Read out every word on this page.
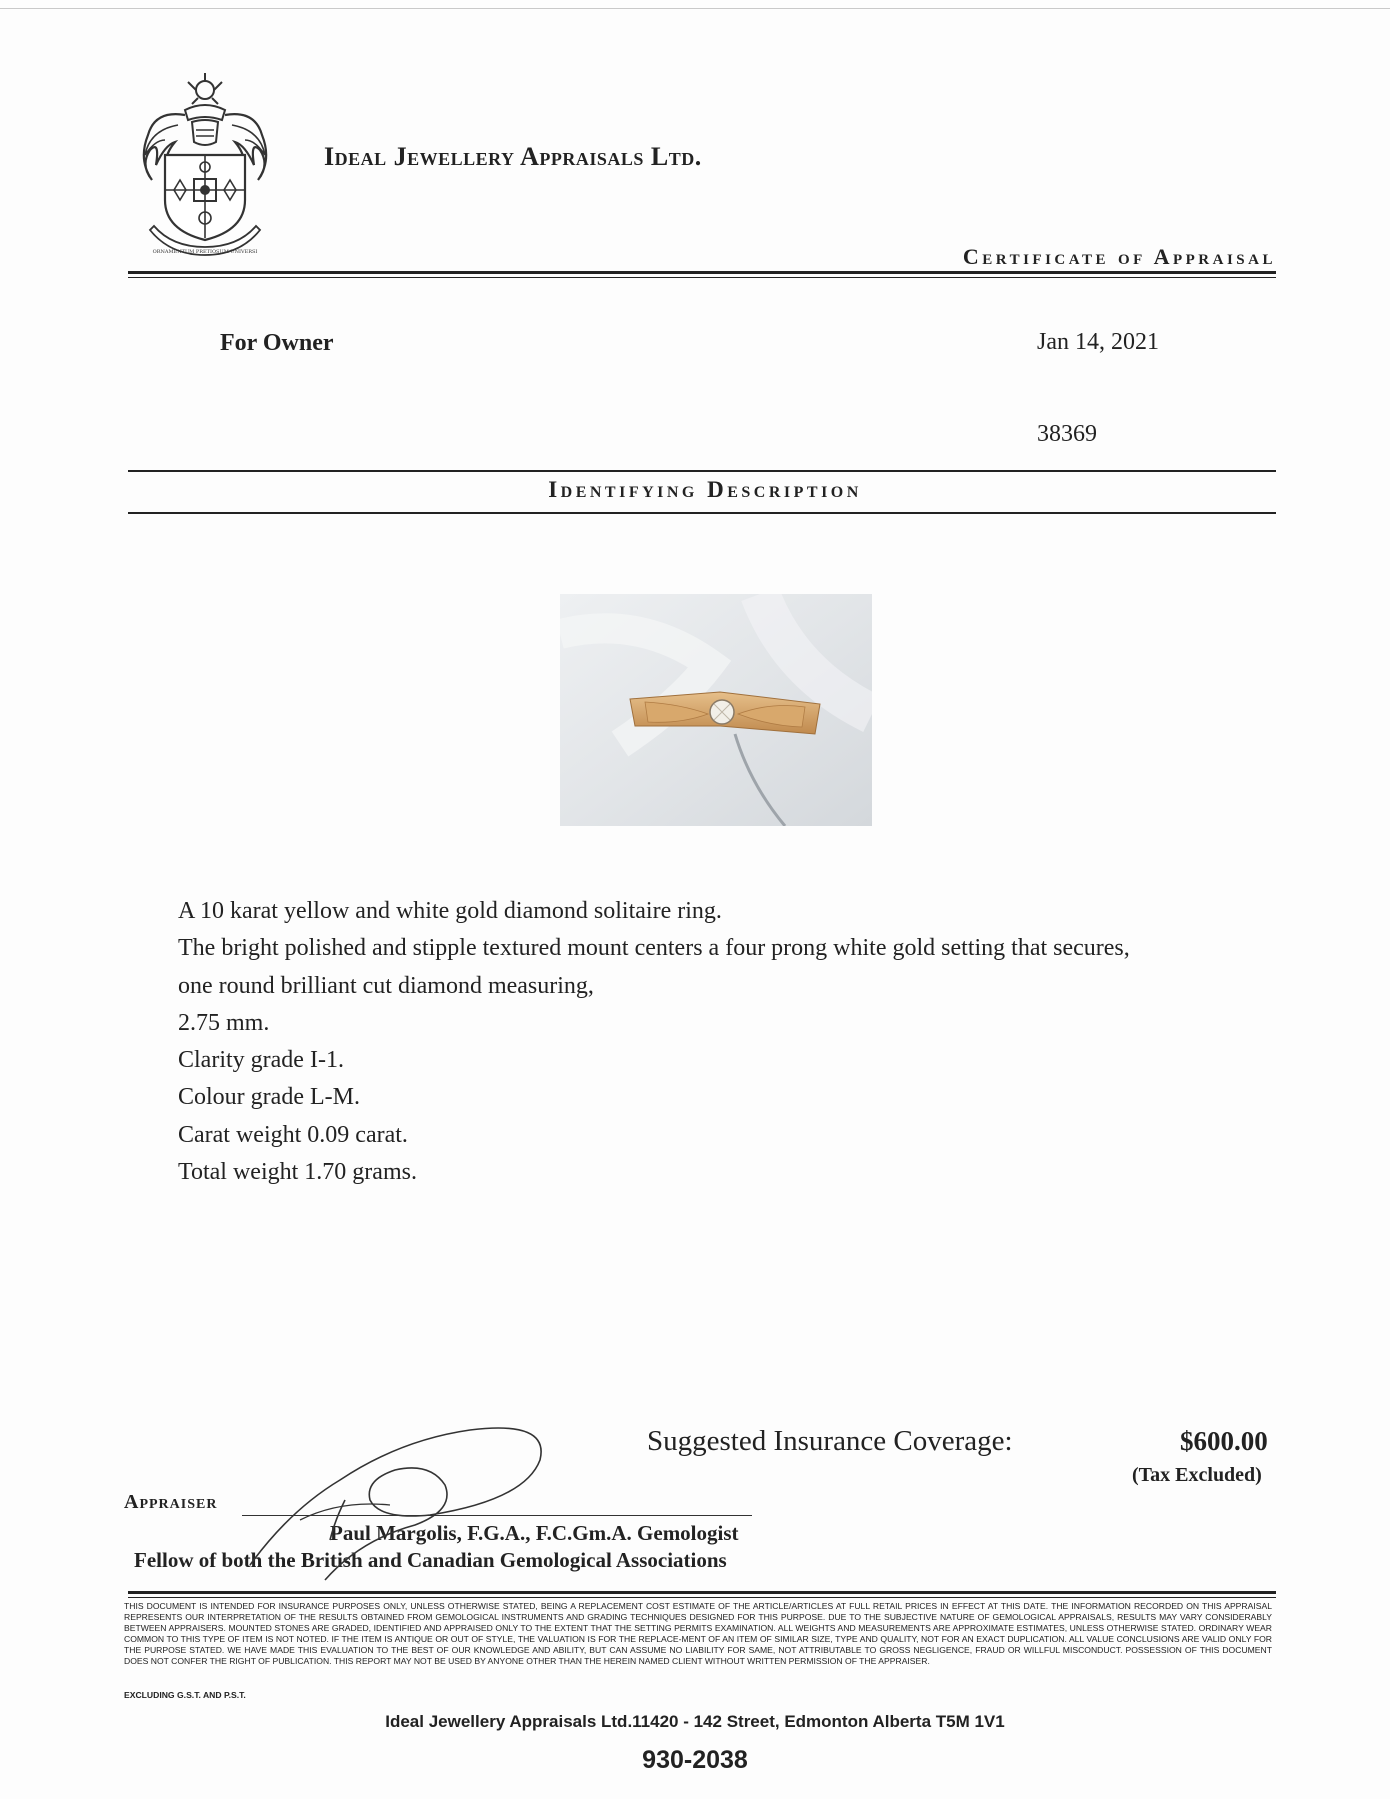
ORNAMENTUM PRETIOSUM UNIVERSI
Ideal Jewellery Appraisals Ltd.
Certificate of Appraisal
For Owner	Jan 14, 2021
38369
Identifying Description
A 10 karat yellow and white gold diamond solitaire ring.
The bright polished and stipple textured mount centers a four prong white gold setting that secures,
one round brilliant cut diamond measuring,
2.75 mm.
Clarity grade I-1.
Colour grade L-M.
Carat weight 0.09 carat.
Total weight 1.70 grams.
Suggested Insurance Coverage:	$600.00
(Tax Excluded)
Appraiser
Paul Margolis, F.G.A., F.C.Gm.A. Gemologist
Fellow of both the British and Canadian Gemological Associations
THIS DOCUMENT IS INTENDED FOR INSURANCE PURPOSES ONLY, UNLESS OTHERWISE STATED, BEING A REPLACEMENT COST ESTIMATE OF THE ARTICLE/ARTICLES AT FULL RETAIL PRICES IN EFFECT AT THIS DATE. THE INFORMATION RECORDED ON THIS APPRAISAL REPRESENTS OUR INTERPRETATION OF THE RESULTS OBTAINED FROM GEMOLOGICAL INSTRUMENTS AND GRADING TECHNIQUES DESIGNED FOR THIS PURPOSE. DUE TO THE SUBJECTIVE NATURE OF GEMOLOGICAL APPRAISALS, RESULTS MAY VARY CONSIDERABLY BETWEEN APPRAISERS. MOUNTED STONES ARE GRADED, IDENTIFIED AND APPRAISED ONLY TO THE EXTENT THAT THE SETTING PERMITS EXAMINATION. ALL WEIGHTS AND MEASUREMENTS ARE APPROXIMATE ESTIMATES, UNLESS OTHERWISE STATED. ORDINARY WEAR COMMON TO THIS TYPE OF ITEM IS NOT NOTED. IF THE ITEM IS ANTIQUE OR OUT OF STYLE, THE VALUATION IS FOR THE REPLACE-MENT OF AN ITEM OF SIMILAR SIZE, TYPE AND QUALITY, NOT FOR AN EXACT DUPLICATION. ALL VALUE CONCLUSIONS ARE VALID ONLY FOR THE PURPOSE STATED. WE HAVE MADE THIS EVALUATION TO THE BEST OF OUR KNOWLEDGE AND ABILITY, BUT CAN ASSUME NO LIABILITY FOR SAME, NOT ATTRIBUTABLE TO GROSS NEGLIGENCE, FRAUD OR WILLFUL MISCONDUCT. POSSESSION OF THIS DOCUMENT DOES NOT CONFER THE RIGHT OF PUBLICATION. THIS REPORT MAY NOT BE USED BY ANYONE OTHER THAN THE HEREIN NAMED CLIENT WITHOUT WRITTEN PERMISSION OF THE APPRAISER.
EXCLUDING G.S.T. AND P.S.T.
Ideal Jewellery Appraisals Ltd.11420 - 142 Street, Edmonton Alberta T5M 1V1
930-2038
